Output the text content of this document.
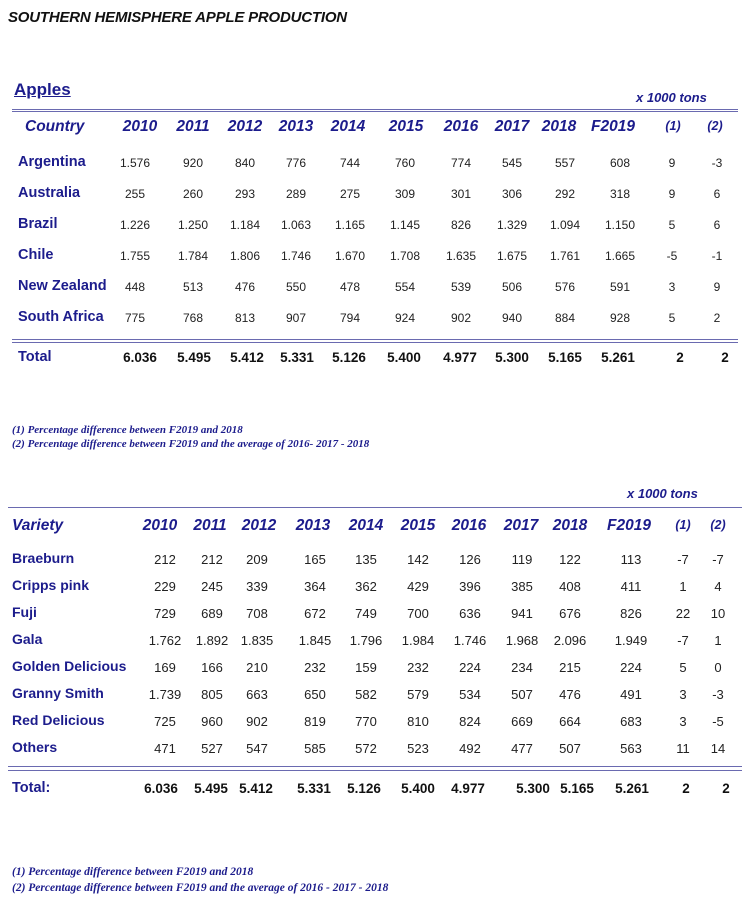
SOUTHERN HEMISPHERE APPLE PRODUCTION
Apples	x 1000 tons
Country 2010 2011 2012 2013 2014 2015 2016 2017 2018 F2019 (1) (2)
Argentina	1.576	920	840	776	744	760	774	545	557	608	9	-3
Australia	255	260	293	289	275	309	301	306	292	318	9	6
Brazil	1.226 1.250 1.184 1.063 1.165 1.145	826 1.329 1.094 1.150	5	6
Chile	1.755 1.784 1.806 1.746 1.670 1.708 1.635 1.675 1.761 1.665	-5	-1
New Zealand 448	513	476	550	478	554	539	506	576	591	3	9
South Africa 775	768	813	907	794	924	902	940	884	928	5	2
Total	6.036 5.495 5.412 5.331 5.126 5.400 4.977 5.300 5.165 5.261	2	2
(1) Percentage difference between F2019 and 2018
(2) Percentage difference between F2019 and the average of 2016- 2017 - 2018
x 1000 tons
Variety	2010 2011 2012 2013 2014 2015 2016 2017 2018 F2019 (1) (2)
Braeburn	212 212 209	165 135 142 126 119 122	113	-7 -7
Cripps pink	229 245 339	364 362 429 396 385 408	411	1 4
Fuji	729 689 708	672 749 700 636 941 676	826	22 10
Gala	1.762 1.892 1.835 1.845 1.796 1.984 1.746 1.968 2.096 1.949 -7 1
Golden Delicious 169 166 210	232 159 232 224 234 215	224	5 0
Granny Smith	1.739 805 663	650 582 579 534 507 476	491	3 -3
Red Delicious	725 960 902	819 770 810 824 669 664	683	3 -5
Others	471 527 547	585 572 523 492 477 507	563	11 14
Total:	6.036 5.495 5.412 5.331 5.126 5.400 4.977 5.300 5.165 5.261 2 2
(1) Percentage difference between F2019 and 2018
(2) Percentage difference between F2019 and the average of 2016 - 2017 - 2018
